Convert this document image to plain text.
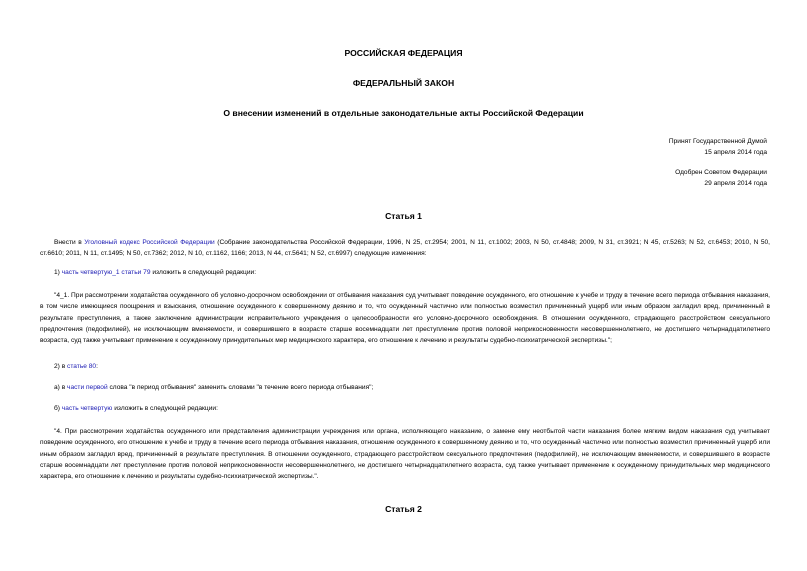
РОССИЙСКАЯ ФЕДЕРАЦИЯ
ФЕДЕРАЛЬНЫЙ ЗАКОН
О внесении изменений в отдельные законодательные акты Российской Федерации
Принят Государственной Думой
15 апреля 2014 года
Одобрен Советом Федерации
29 апреля 2014 года
Статья 1
Внести в Уголовный кодекс Российской Федерации (Собрание законодательства Российской Федерации, 1996, N 25, ст.2954; 2001, N 11, ст.1002; 2003, N 50, ст.4848; 2009, N 31, ст.3921; N 45, ст.5263; N 52, ст.6453; 2010, N 50, ст.6610; 2011, N 11, ст.1495; N 50, ст.7362; 2012, N 10, ст.1162, 1166; 2013, N 44, ст.5641; N 52, ст.6997) следующие изменения:
1) часть четвертую_1 статьи 79 изложить в следующей редакции:
"4_1. При рассмотрении ходатайства осужденного об условно-досрочном освобождении от отбывания наказания суд учитывает поведение осужденного, его отношение к учебе и труду в течение всего периода отбывания наказания, в том числе имеющиеся поощрения и взыскания, отношение осужденного к совершенному деянию и то, что осужденный частично или полностью возместил причиненный ущерб или иным образом загладил вред, причиненный в результате преступления, а также заключение администрации исправительного учреждения о целесообразности его условно-досрочного освобождения. В отношении осужденного, страдающего расстройством сексуального предпочтения (педофилией), не исключающим вменяемости, и совершившего в возрасте старше восемнадцати лет преступление против половой неприкосновенности несовершеннолетнего, не достигшего четырнадцатилетнего возраста, суд также учитывает применение к осужденному принудительных мер медицинского характера, его отношение к лечению и результаты судебно-психиатрической экспертизы.";
2) в статье 80:
а) в части первой слова "в период отбывания" заменить словами "в течение всего периода отбывания";
б) часть четвертую изложить в следующей редакции:
"4. При рассмотрении ходатайства осужденного или представления администрации учреждения или органа, исполняющего наказание, о замене ему неотбытой части наказания более мягким видом наказания суд учитывает поведение осужденного, его отношение к учебе и труду в течение всего периода отбывания наказания, отношение осужденного к совершенному деянию и то, что осужденный частично или полностью возместил причиненный ущерб или иным образом загладил вред, причиненный в результате преступления. В отношении осужденного, страдающего расстройством сексуального предпочтения (педофилией), не исключающим вменяемости, и совершившего в возрасте старше восемнадцати лет преступление против половой неприкосновенности несовершеннолетнего, не достигшего четырнадцатилетнего возраста, суд также учитывает применение к осужденному принудительных мер медицинского характера, его отношение к лечению и результаты судебно-психиатрической экспертизы.".
Статья 2
